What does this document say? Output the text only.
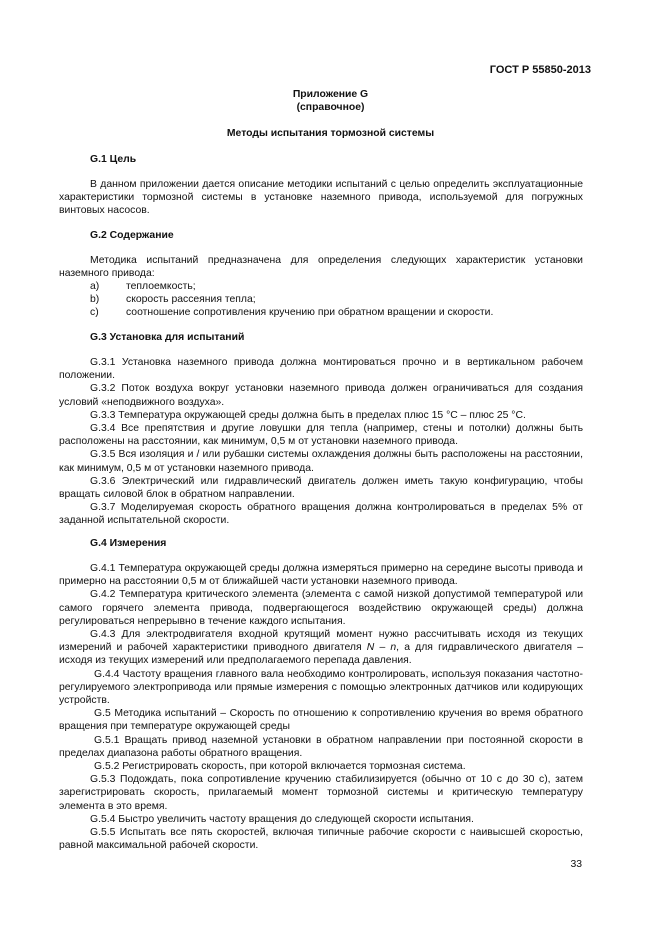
ГОСТ Р 55850-2013
Приложение G
(справочное)
Методы испытания тормозной системы
G.1 Цель

В данном приложении дается описание методики испытаний с целью определить эксплуатационные характеристики тормозной системы в установке наземного привода, используемой для погружных винтовых насосов.

G.2 Содержание

Методика испытаний предназначена для определения следующих характеристик установки наземного привода:

a)	теплоемкость;
b)	скорость рассеяния тепла;
c)	соотношение сопротивления кручению при обратном вращении и скорости.
G.3 Установка для испытаний

G.3.1 Установка наземного привода должна монтироваться прочно и в вертикальном рабочем положении.

G.3.2 Поток воздуха вокруг установки наземного привода должен ограничиваться для создания условий «неподвижного воздуха».

G.3.3 Температура окружающей среды должна быть в пределах плюс 15 °С – плюс 25 °С.

G.3.4 Все препятствия и другие ловушки для тепла (например, стены и потолки) должны быть расположены на расстоянии, как минимум, 0,5 м от установки наземного привода.

G.3.5 Вся изоляция и / или рубашки системы охлаждения должны быть расположены на расстоянии, как минимум, 0,5 м от установки наземного привода.

G.3.6 Электрический или гидравлический двигатель должен иметь такую конфигурацию, чтобы вращать силовой блок в обратном направлении.

G.3.7 Моделируемая скорость обратного вращения должна контролироваться в пределах 5% от заданной испытательной скорости.

G.4 Измерения

G.4.1 Температура окружающей среды должна измеряться примерно на середине высоты привода и примерно на расстоянии 0,5 м от ближайшей части установки наземного привода.

G.4.2 Температура критического элемента (элемента с самой низкой допустимой температурой или самого горячего элемента привода, подвергающегося воздействию окружающей среды) должна регулироваться непрерывно в течение каждого испытания.

G.4.3 Для электродвигателя входной крутящий момент нужно рассчитывать исходя из текущих измерений и рабочей характеристики приводного двигателя N – n, а для гидравлического двигателя – исходя из текущих измерений или предполагаемого перепада давления.

G.4.4 Частоту вращения главного вала необходимо контролировать, используя показания частотно-регулируемого электропривода или прямые измерения с помощью электронных датчиков или кодирующих устройств.

G.5 Методика испытаний – Скорость по отношению к сопротивлению кручения во время обратного вращения при температуре окружающей среды

G.5.1 Вращать привод наземной установки в обратном направлении при постоянной скорости в пределах диапазона работы обратного вращения.

G.5.2 Регистрировать скорость, при которой включается тормозная система.

G.5.3 Подождать, пока сопротивление кручению стабилизируется (обычно от 10 с до 30 с), затем зарегистрировать скорость, прилагаемый момент тормозной системы и критическую температуру элемента в это время.

G.5.4 Быстро увеличить частоту вращения до следующей скорости испытания.

G.5.5 Испытать все пять скоростей, включая типичные рабочие скорости с наивысшей скоростью, равной максимальной рабочей скорости.

33
